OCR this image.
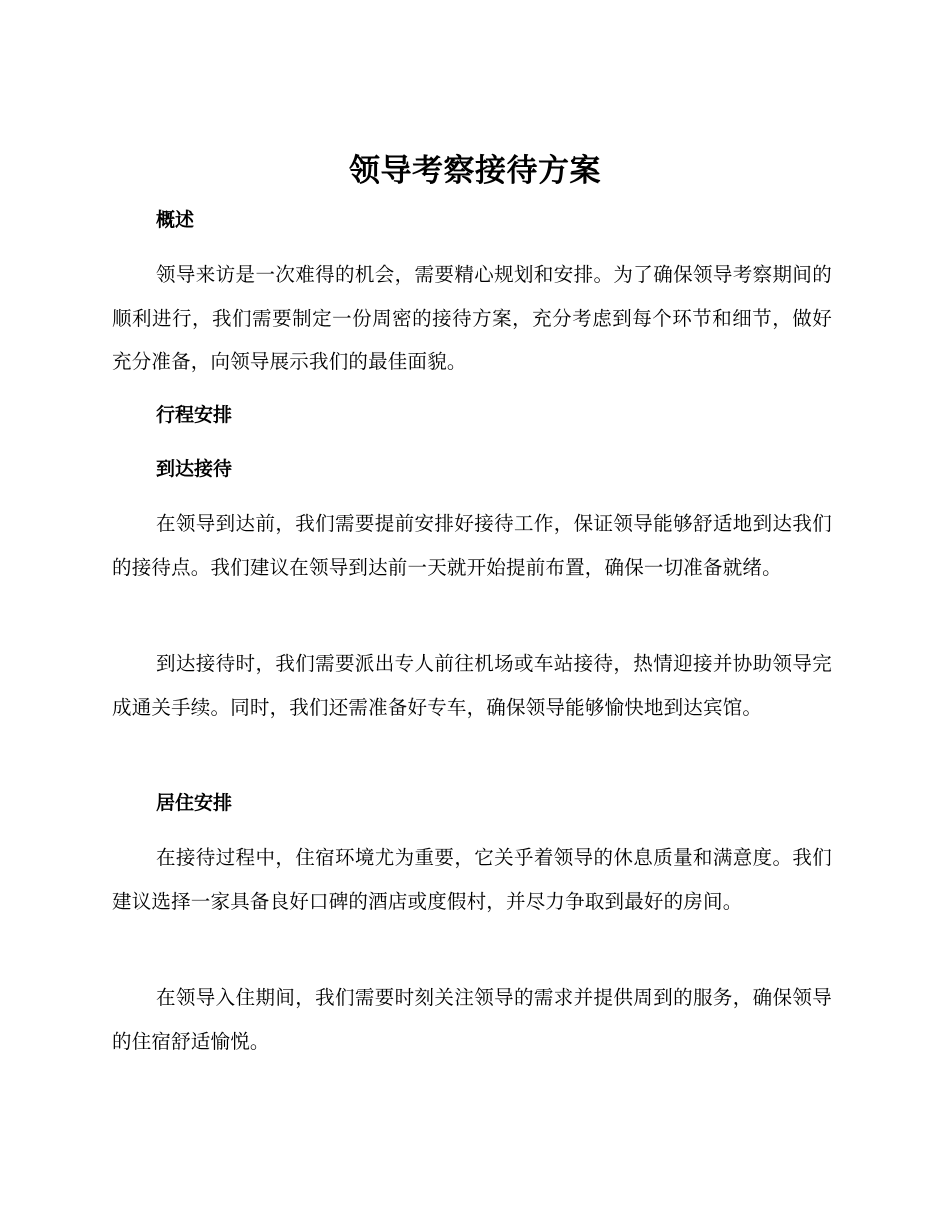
领导考察接待方案
概述

领导来访是一次难得的机会，需要精心规划和安排。为了确保领导考察期间的顺利进行，我们需要制定一份周密的接待方案，充分考虑到每个环节和细节，做好充分准备，向领导展示我们的最佳面貌。

行程安排
到达接待

在领导到达前，我们需要提前安排好接待工作，保证领导能够舒适地到达我们的接待点。我们建议在领导到达前一天就开始提前布置，确保一切准备就绪。

到达接待时，我们需要派出专人前往机场或车站接待，热情迎接并协助领导完成通关手续。同时，我们还需准备好专车，确保领导能够愉快地到达宾馆。

居住安排

在接待过程中，住宿环境尤为重要，它关乎着领导的休息质量和满意度。我们建议选择一家具备良好口碑的酒店或度假村，并尽力争取到最好的房间。

在领导入住期间，我们需要时刻关注领导的需求并提供周到的服务，确保领导的住宿舒适愉悦。
